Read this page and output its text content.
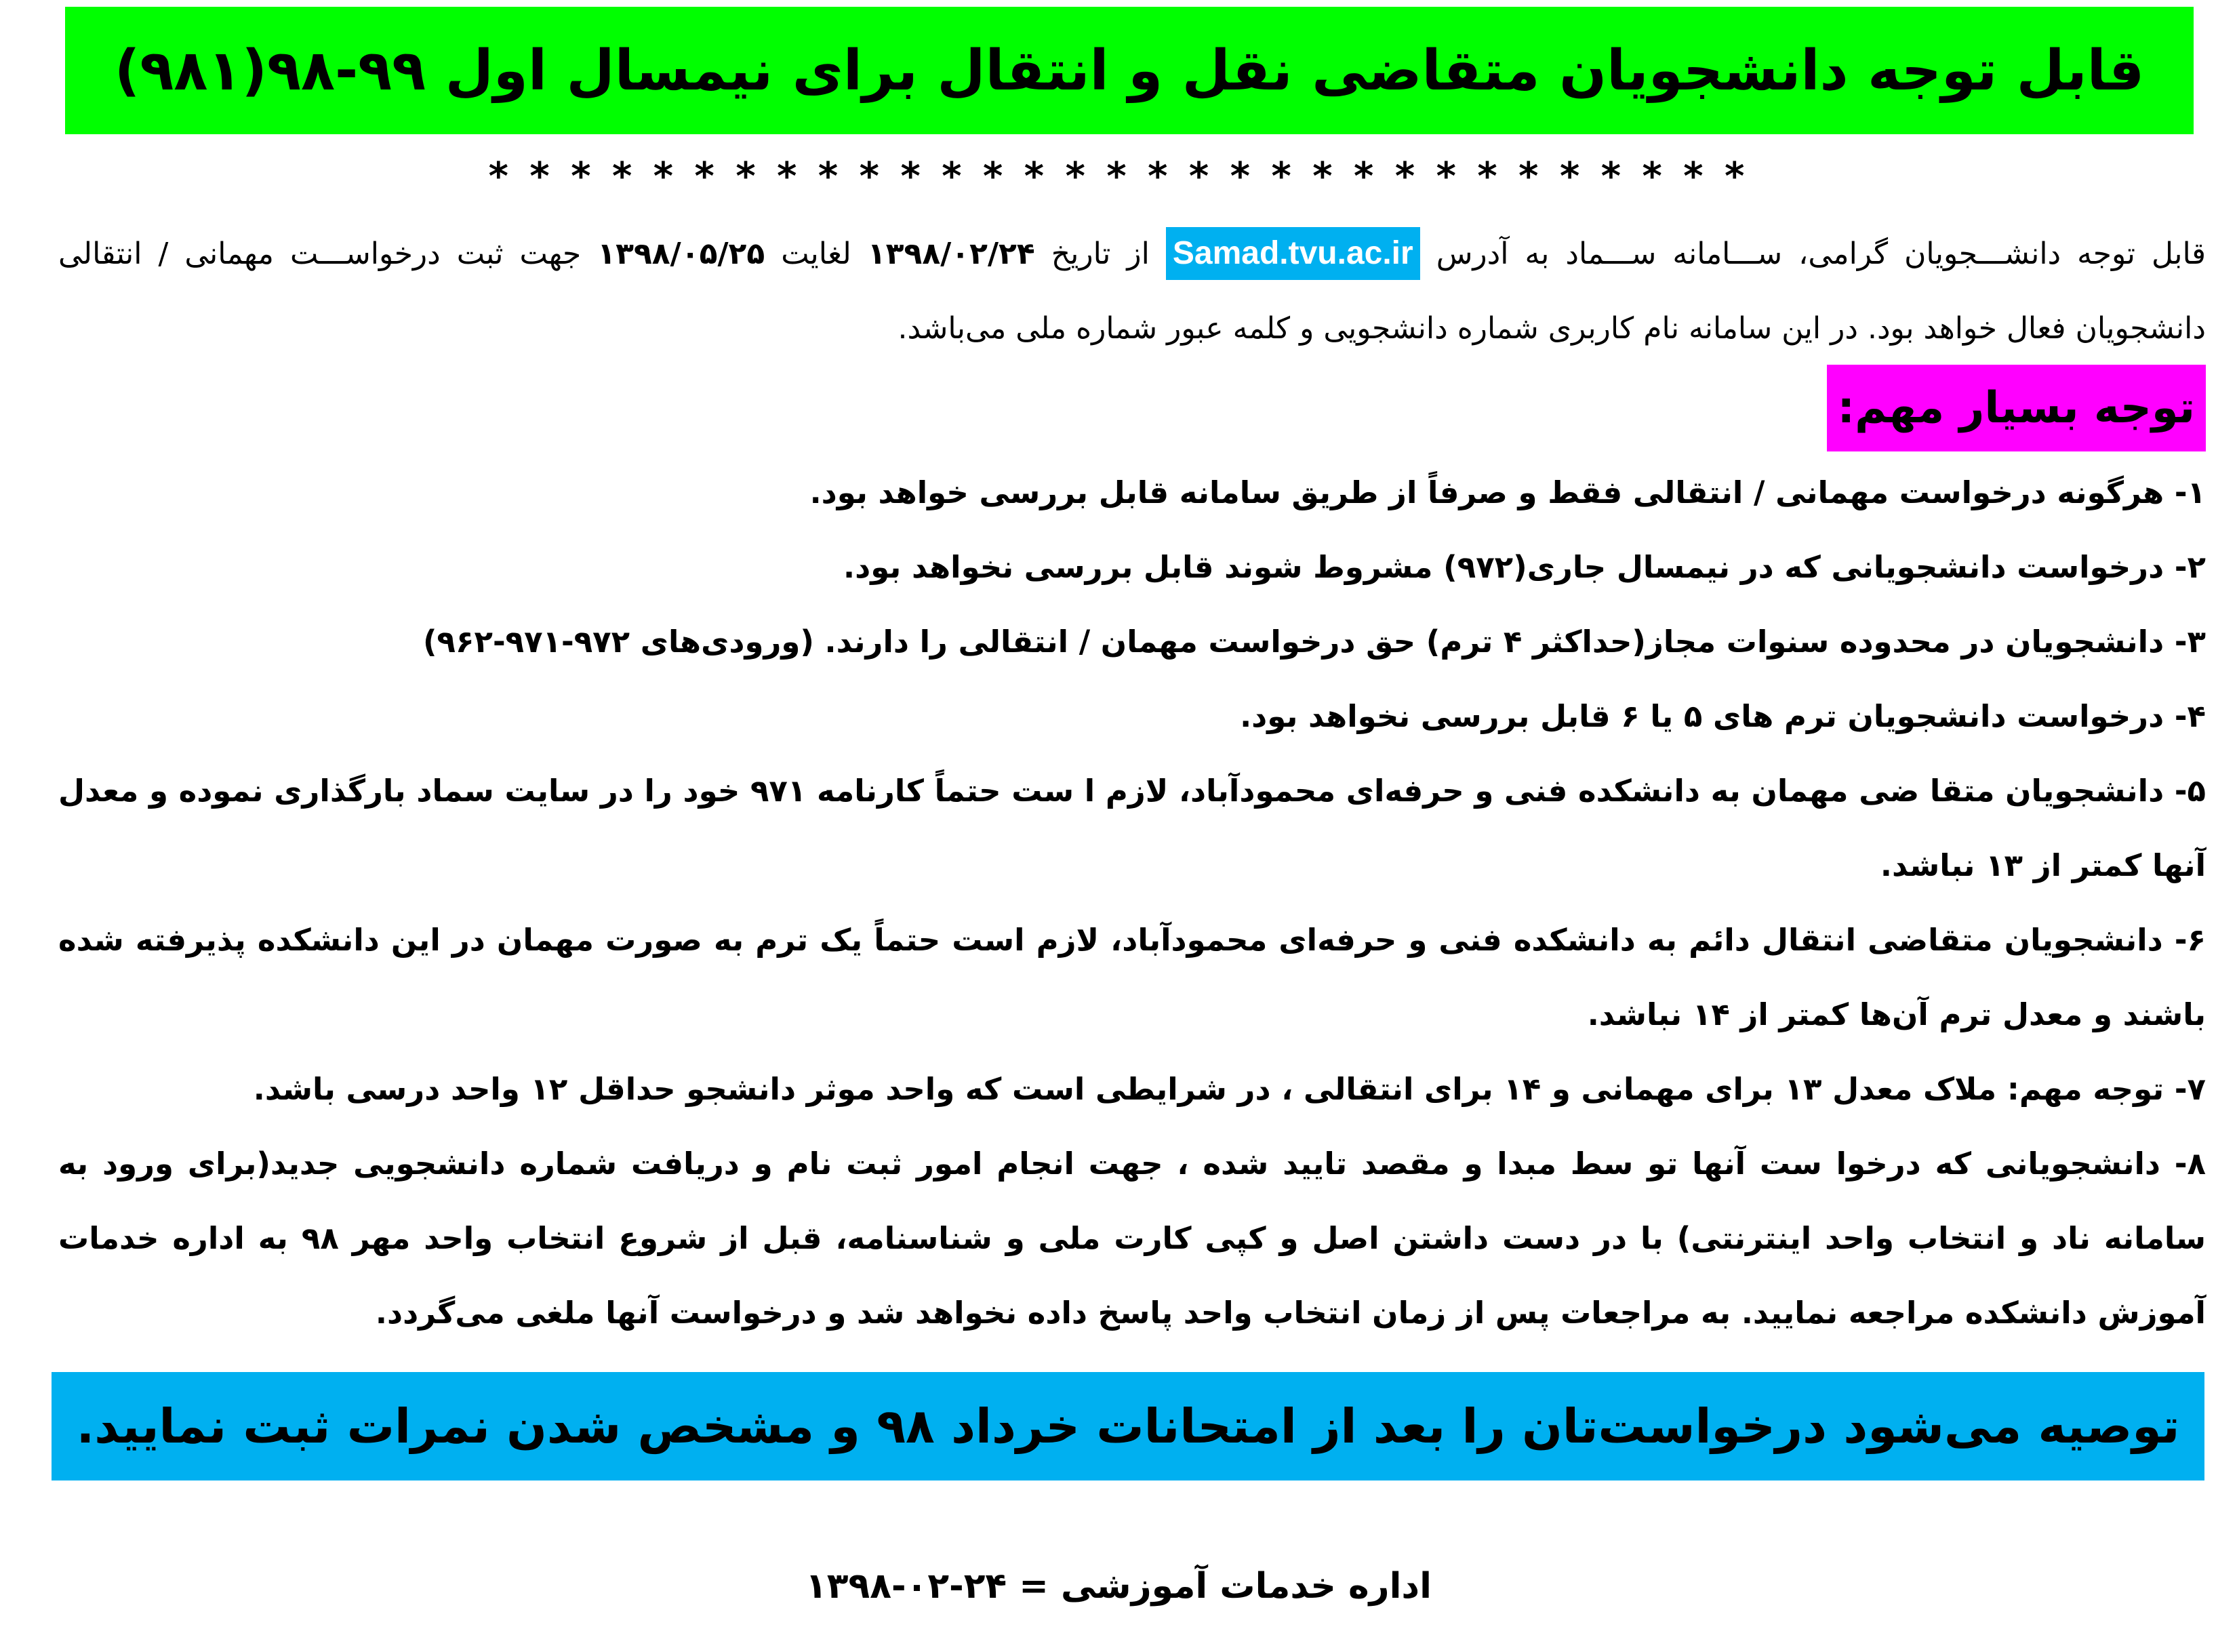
قابل توجه دانشجویان متقاضی نقل و انتقال برای نیمسال اول ۹۹-۹۸(۹۸۱)
* * * * * * * * * * * * * * * * * * * * * * * * * * * * * * *
قابل توجه دانشـــجویان گرامی، ســـامانه ســـماد به آدرس Samad.tvu.ac.ir از تاریخ ۱۳۹۸/۰۲/۲۴ لغایت ۱۳۹۸/۰۵/۲۵ جهت ثبت درخواســـت مهمانی / انتقالی دانشجویان فعال خواهد بود. در این سامانه نام کاربری شماره دانشجویی و کلمه عبور شماره ملی می‌باشد.
توجه بسیار مهم:
۱- هرگونه درخواست مهمانی / انتقالی فقط و صرفاً از طریق سامانه قابل بررسی خواهد بود.
۲- درخواست دانشجویانی که در نیمسال جاری(۹۷۲) مشروط شوند قابل بررسی نخواهد بود.
۳- دانشجویان در محدوده سنوات مجاز(حداکثر ۴ ترم) حق درخواست مهمان / انتقالی را دارند. (ورودی‌های ۹۷۲-۹۷۱-۹۶۲)
۴- درخواست دانشجویان ترم های ۵ یا ۶ قابل بررسی نخواهد بود.
۵- دانشجویان متقا ضی مهمان به دانشکده فنی و حرفه‌ای محمودآباد، لازم ا ست حتماً کارنامه ۹۷۱ خود را در سایت سماد بارگذاری نموده و معدل آنها کمتر از ۱۳ نباشد.
۶- دانشجویان متقاضی انتقال دائم به دانشکده فنی و حرفه‌ای محمودآباد، لازم است حتماً یک ترم به صورت مهمان در این دانشکده پذیرفته شده باشند و معدل ترم آن‌ها کمتر از ۱۴ نباشد.
۷- توجه مهم: ملاک معدل ۱۳ برای مهمانی و ۱۴ برای انتقالی ، در شرایطی است که واحد موثر دانشجو حداقل ۱۲ واحد درسی باشد.
۸- دانشجویانی که درخوا ست آنها تو سط مبدا و مقصد تایید شده ، جهت انجام امور ثبت نام و دریافت شماره دانشجویی جدید(برای ورود به سامانه ناد و انتخاب واحد اینترنتی) با در دست داشتن اصل و کپی کارت ملی و شناسنامه، قبل از شروع انتخاب واحد مهر ۹۸ به اداره خدمات آموزش دانشکده مراجعه نمایید. به مراجعات پس از زمان انتخاب واحد پاسخ داده نخواهد شد و درخواست آنها ملغی می‌گردد.
توصیه می‌شود درخواست‌تان را بعد از امتحانات خرداد ۹۸ و مشخص شدن نمرات ثبت نمایید.
اداره خدمات آموزشی = ۲۴-۰۲-۱۳۹۸
